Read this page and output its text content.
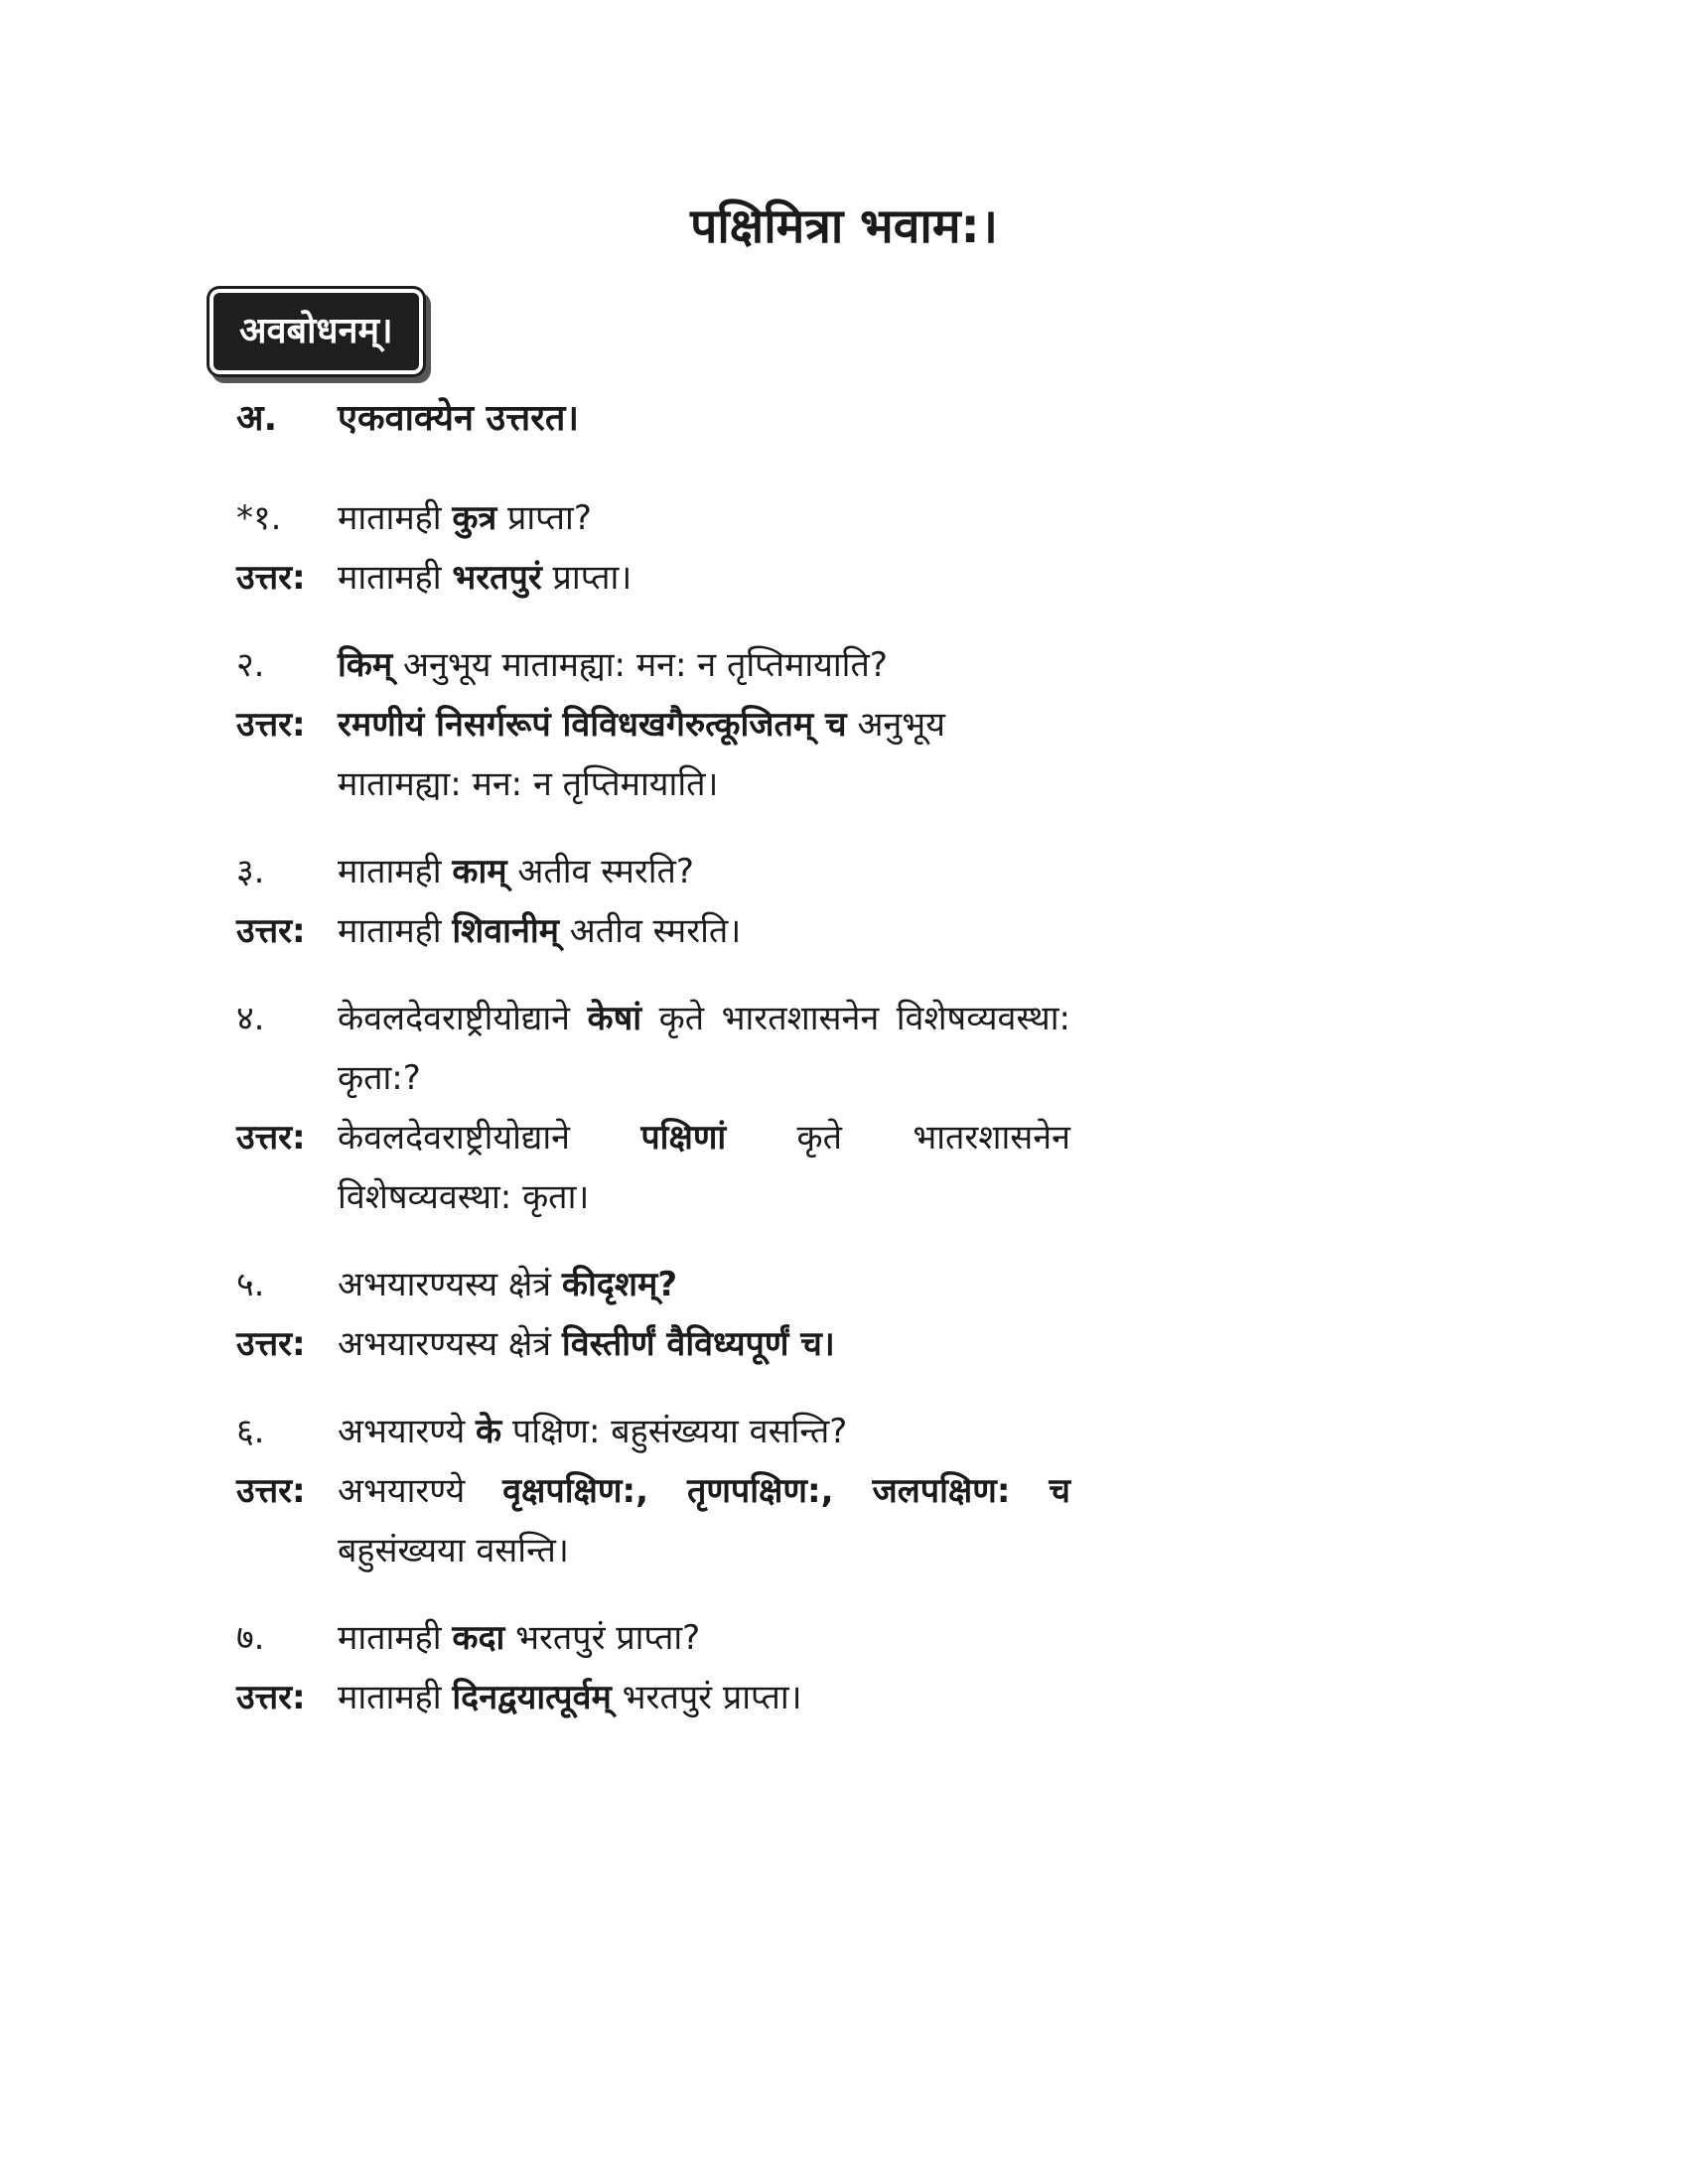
पक्षिमित्रा भवाम:।
अवबोधनम्।
अ.	एकवाक्येन उत्तरत।
*१.	मातामही कुत्र प्राप्ता?
उत्तर: मातामही भरतपुरं प्राप्ता।
२.	किम् अनुभूय मातामह्या: मन: न तृप्तिमायाति?
उत्तर: रमणीयं निसर्गरूपं विविधखगैरुत्कूजितम् च अनुभूय मातामह्या: मन: न तृप्तिमायाति।
३.	मातामही काम् अतीव स्मरति?
उत्तर: मातामही शिवानीम् अतीव स्मरति।
४.	केवलदेवराष्ट्रीयोद्याने केषां कृते भारतशासनेन विशेषव्यवस्था: कृता:?
उत्तर: केवलदेवराष्ट्रीयोद्याने पक्षिणां कृते भातरशासनेन विशेषव्यवस्था: कृता।
५.	अभयारण्यस्य क्षेत्रं कीदृशम्?
उत्तर: अभयारण्यस्य क्षेत्रं विस्तीर्णं वैविध्यपूर्णं च।
६.	अभयारण्ये के पक्षिण: बहुसंख्यया वसन्ति?
उत्तर: अभयारण्ये वृक्षपक्षिण:, तृणपक्षिण:, जलपक्षिण: च बहुसंख्यया वसन्ति।
७.	मातामही कदा भरतपुरं प्राप्ता?
उत्तर: मातामही दिनद्वयात्पूर्वम् भरतपुरं प्राप्ता।
